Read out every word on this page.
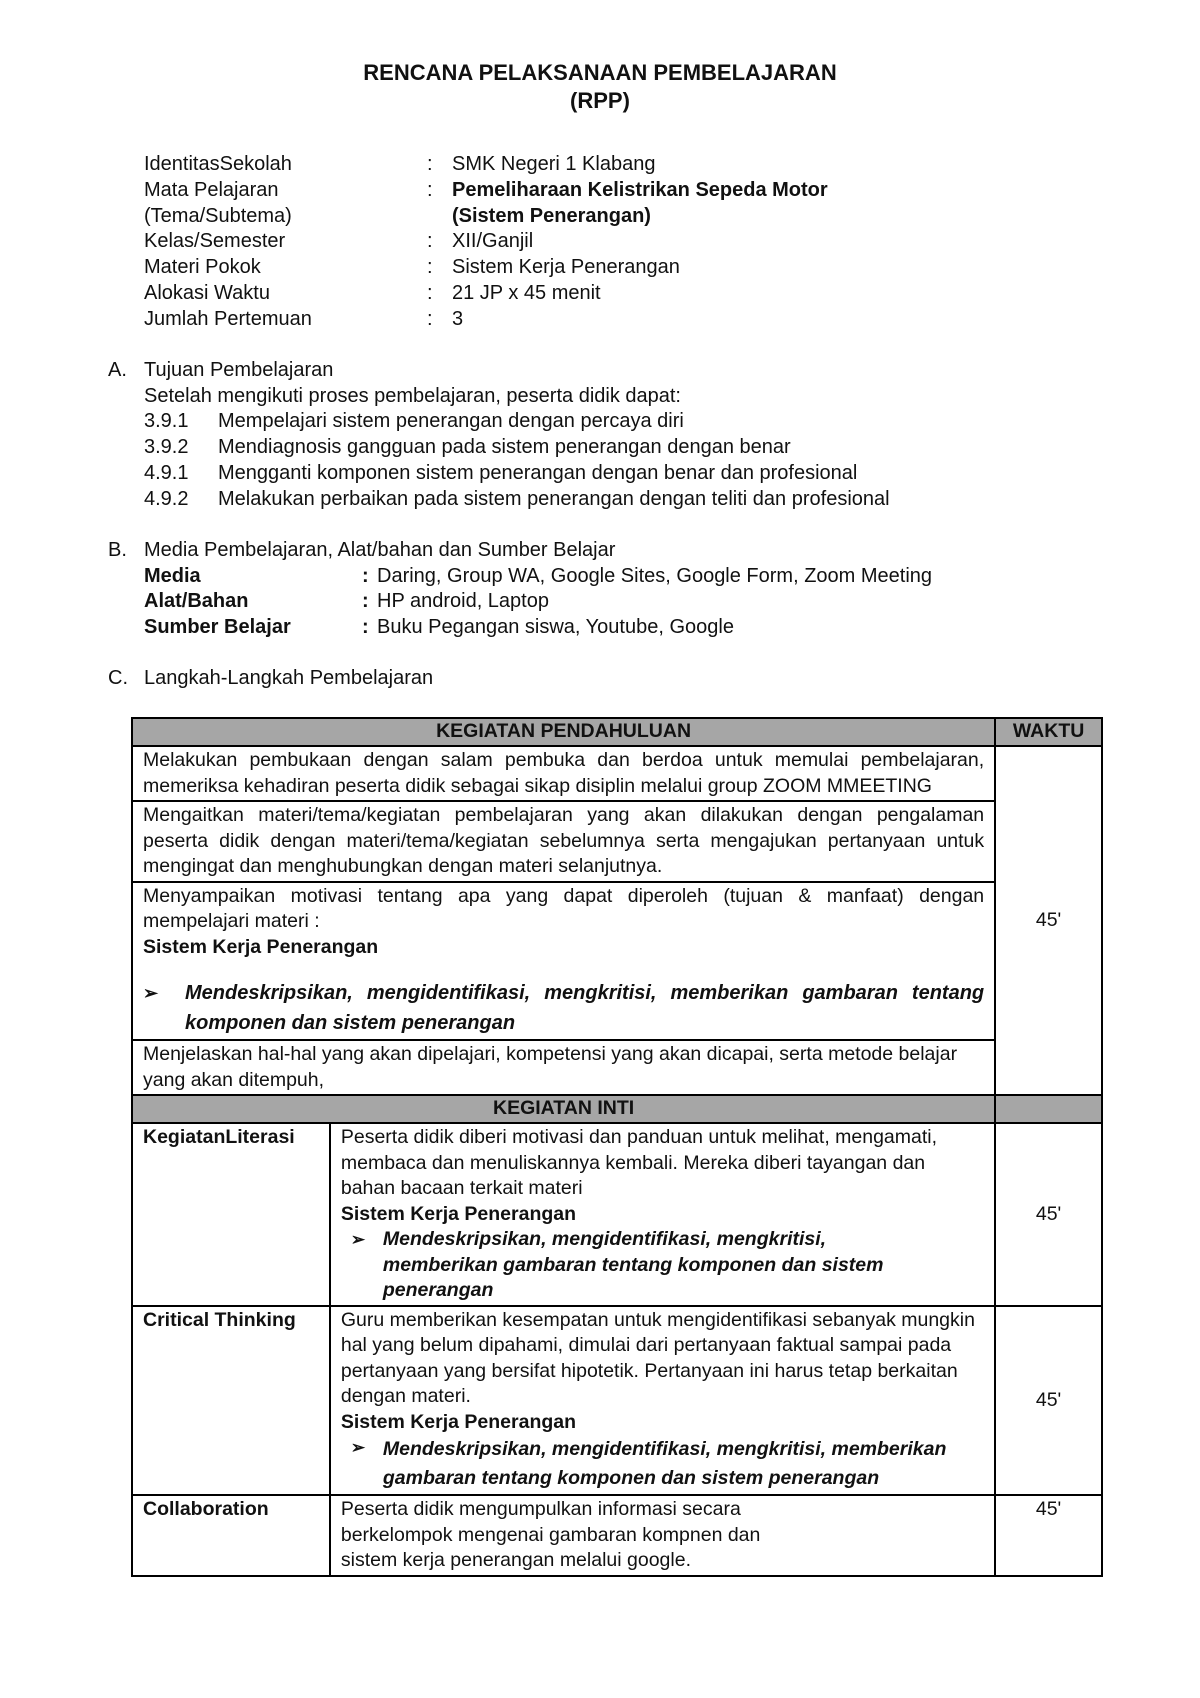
RENCANA PELAKSANAAN PEMBELAJARAN
(RPP)
IdentitasSekolah	: SMK Negeri 1 Klabang
Mata Pelajaran	: Pemeliharaan Kelistrikan Sepeda Motor
(Tema/Subtema)	(Sistem Penerangan)
Kelas/Semester	: XII/Ganjil
Materi Pokok	: Sistem Kerja Penerangan
Alokasi Waktu	: 21 JP x 45 menit
Jumlah Pertemuan	: 3
A. Tujuan Pembelajaran
Setelah mengikuti proses pembelajaran, peserta didik dapat:
3.9.1 Mempelajari sistem penerangan dengan percaya diri
3.9.2 Mendiagnosis gangguan pada sistem penerangan dengan benar
4.9.1 Mengganti komponen sistem penerangan dengan benar dan profesional
4.9.2 Melakukan perbaikan pada sistem penerangan dengan teliti dan profesional
B. Media Pembelajaran, Alat/bahan dan Sumber Belajar
Media	: Daring, Group WA, Google Sites, Google Form, Zoom Meeting
Alat/Bahan	: HP android, Laptop
Sumber Belajar	: Buku Pegangan siswa, Youtube, Google
C. Langkah-Langkah Pembelajaran
KEGIATAN PENDAHULUAN		WAKTU
Melakukan pembukaan dengan salam pembuka dan berdoa untuk memulai pembelajaran, memeriksa kehadiran peserta didik sebagai sikap disiplin melalui group ZOOM MMEETING		45'
Mengaitkan materi/tema/kegiatan pembelajaran yang akan dilakukan dengan pengalaman peserta didik dengan materi/tema/kegiatan sebelumnya serta mengajukan pertanyaan untuk mengingat dan menghubungkan dengan materi selanjutnya.		

Menyampaikan motivasi tentang apa yang dapat diperoleh (tujuan & manfaat) dengan mempelajari materi :
Sistem Kerja Penerangan
➢ Mendeskripsikan, mengidentifikasi, mengkritisi, memberikan gambaran tentang komponen dan sistem penerangan		

Menjelaskan hal-hal yang akan dipelajari, kompetensi yang akan dicapai, serta metode belajar yang akan ditempuh,		
KEGIATAN INTI		
KegiatanLiterasi	Peserta didik diberi motivasi dan panduan untuk melihat, mengamati, membaca dan menuliskannya kembali. Mereka diberi tayangan dan bahan bacaan terkait materi
Sistem Kerja Penerangan
➢ Mendeskripsikan, mengidentifikasi, mengkritisi, memberikan gambaran tentang komponen dan sistem penerangan	45'
Critical Thinking	Guru memberikan kesempatan untuk mengidentifikasi sebanyak mungkin hal yang belum dipahami, dimulai dari pertanyaan faktual sampai pada pertanyaan yang bersifat hipotetik. Pertanyaan ini harus tetap berkaitan dengan materi.
Sistem Kerja Penerangan
➢ Mendeskripsikan, mengidentifikasi, mengkritisi, memberikan gambaran tentang komponen dan sistem penerangan	45'
Collaboration	Peserta didik mengumpulkan informasi secara berkelompok mengenai gambaran kompnen dan sistem kerja penerangan melalui google.	45'
